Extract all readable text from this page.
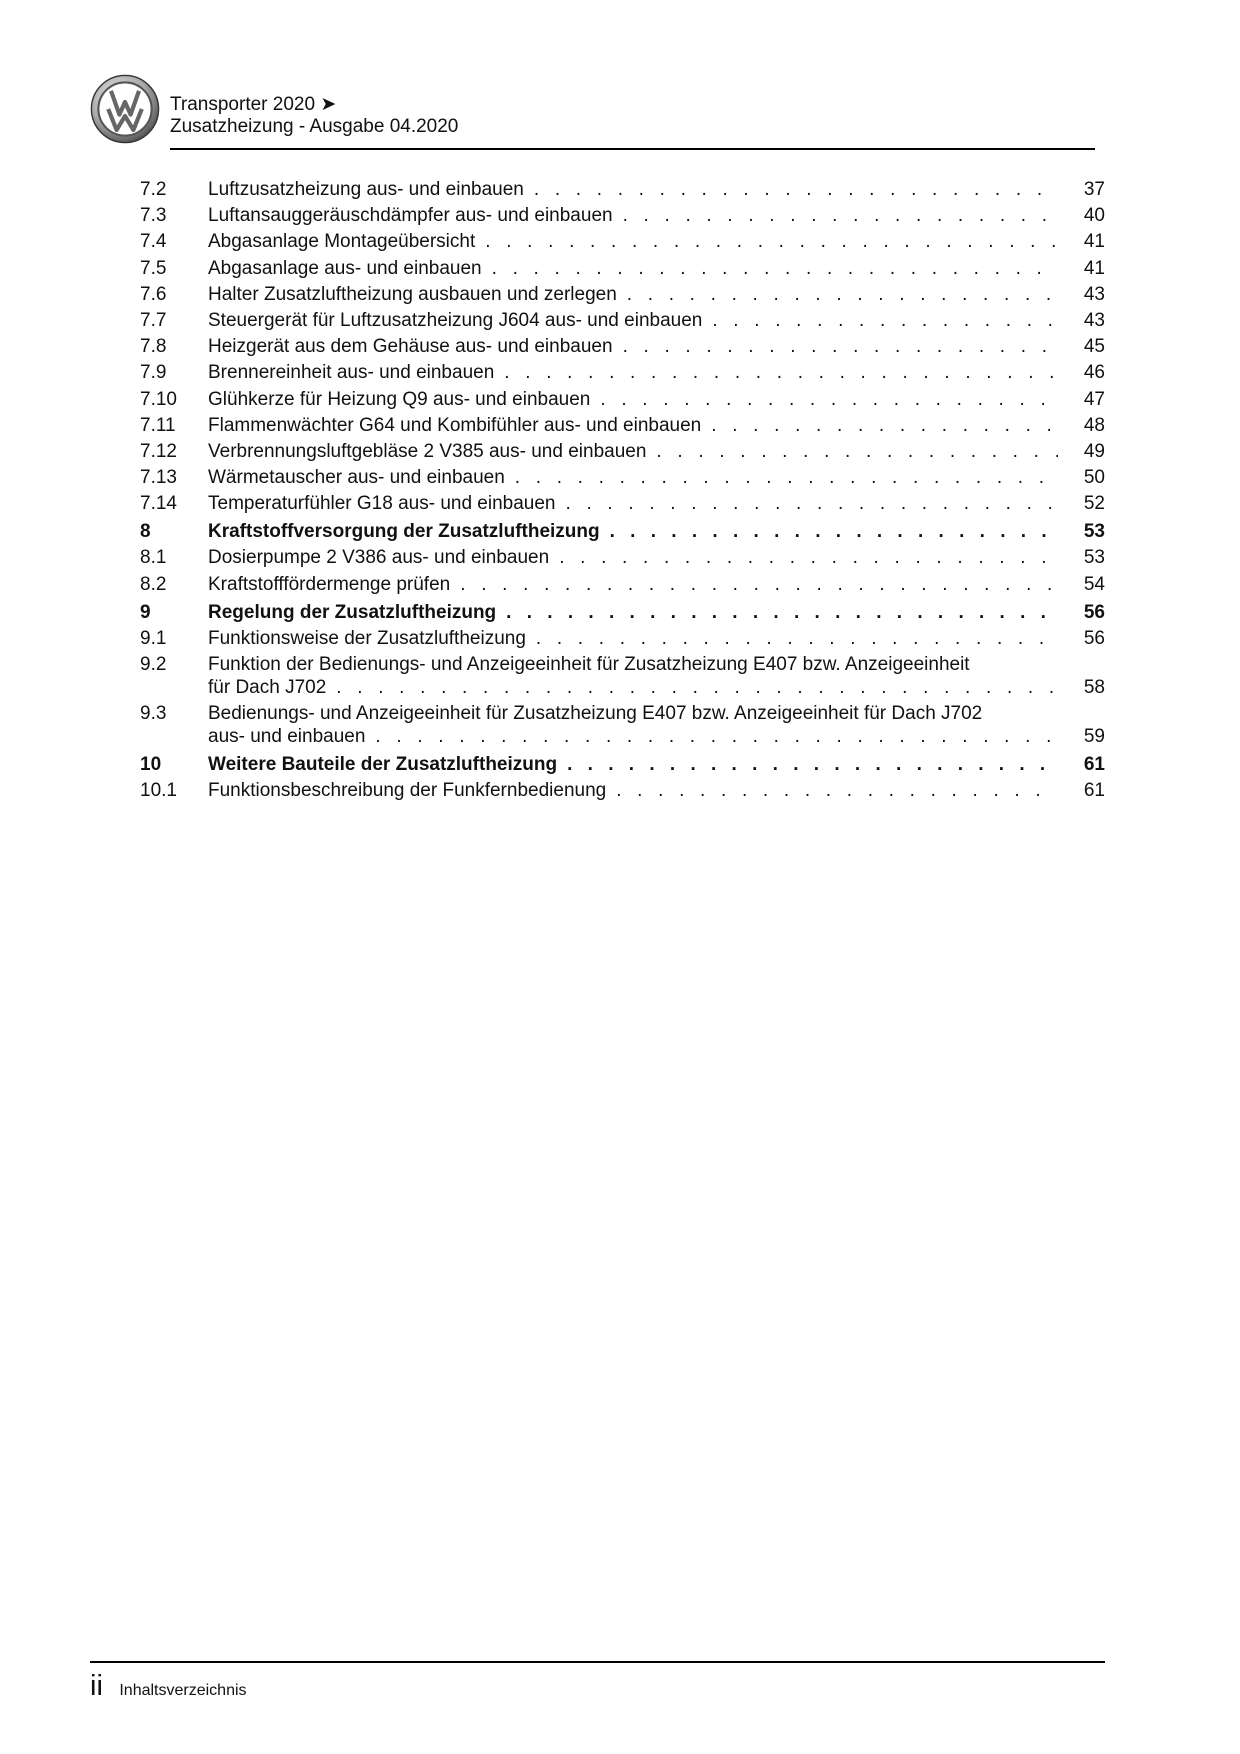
Transporter 2020 ➤
Zusatzheizung - Ausgabe 04.2020
7.2 Luftzusatzheizung aus- und einbauen . . .	37
7.3 Luftansauggeräuschdämpfer aus- und einbauen . . .	40
7.4 Abgasanlage Montageübersicht . . .	41
7.5 Abgasanlage aus- und einbauen . . .	41
7.6 Halter Zusatzluftheizung ausbauen und zerlegen . . .	43
7.7 Steuergerät für Luftzusatzheizung J604 aus- und einbauen . . .	43
7.8 Heizgerät aus dem Gehäuse aus- und einbauen . . .	45
7.9 Brennereinheit aus- und einbauen . . .	46
7.10 Glühkerze für Heizung Q9 aus- und einbauen . . .	47
7.11 Flammenwächter G64 und Kombifühler aus- und einbauen . . .	48
7.12 Verbrennungsluftgebläse 2 V385 aus- und einbauen . . .	49
7.13 Wärmetauscher aus- und einbauen . . .	50
7.14 Temperaturfühler G18 aus- und einbauen . . .	52
8	Kraftstoffversorgung der Zusatzluftheizung . . .	53
8.1 Dosierpumpe 2 V386 aus- und einbauen . . .	53
8.2 Kraftstofffördermenge prüfen . . .	54
9	Regelung der Zusatzluftheizung . . .	56
9.1 Funktionsweise der Zusatzluftheizung . . .	56
9.2 Funktion der Bedienungs- und Anzeigeeinheit für Zusatzheizung E407 bzw. Anzeigeeinheit
für Dach J702 . . .	58
9.3 Bedienungs- und Anzeigeeinheit für Zusatzheizung E407 bzw. Anzeigeeinheit für Dach J702
aus- und einbauen . . .	59
10 Weitere Bauteile der Zusatzluftheizung . . .	61
10.1 Funktionsbeschreibung der Funkfernbedienung . . .	61
ii Inhaltsverzeichnis
